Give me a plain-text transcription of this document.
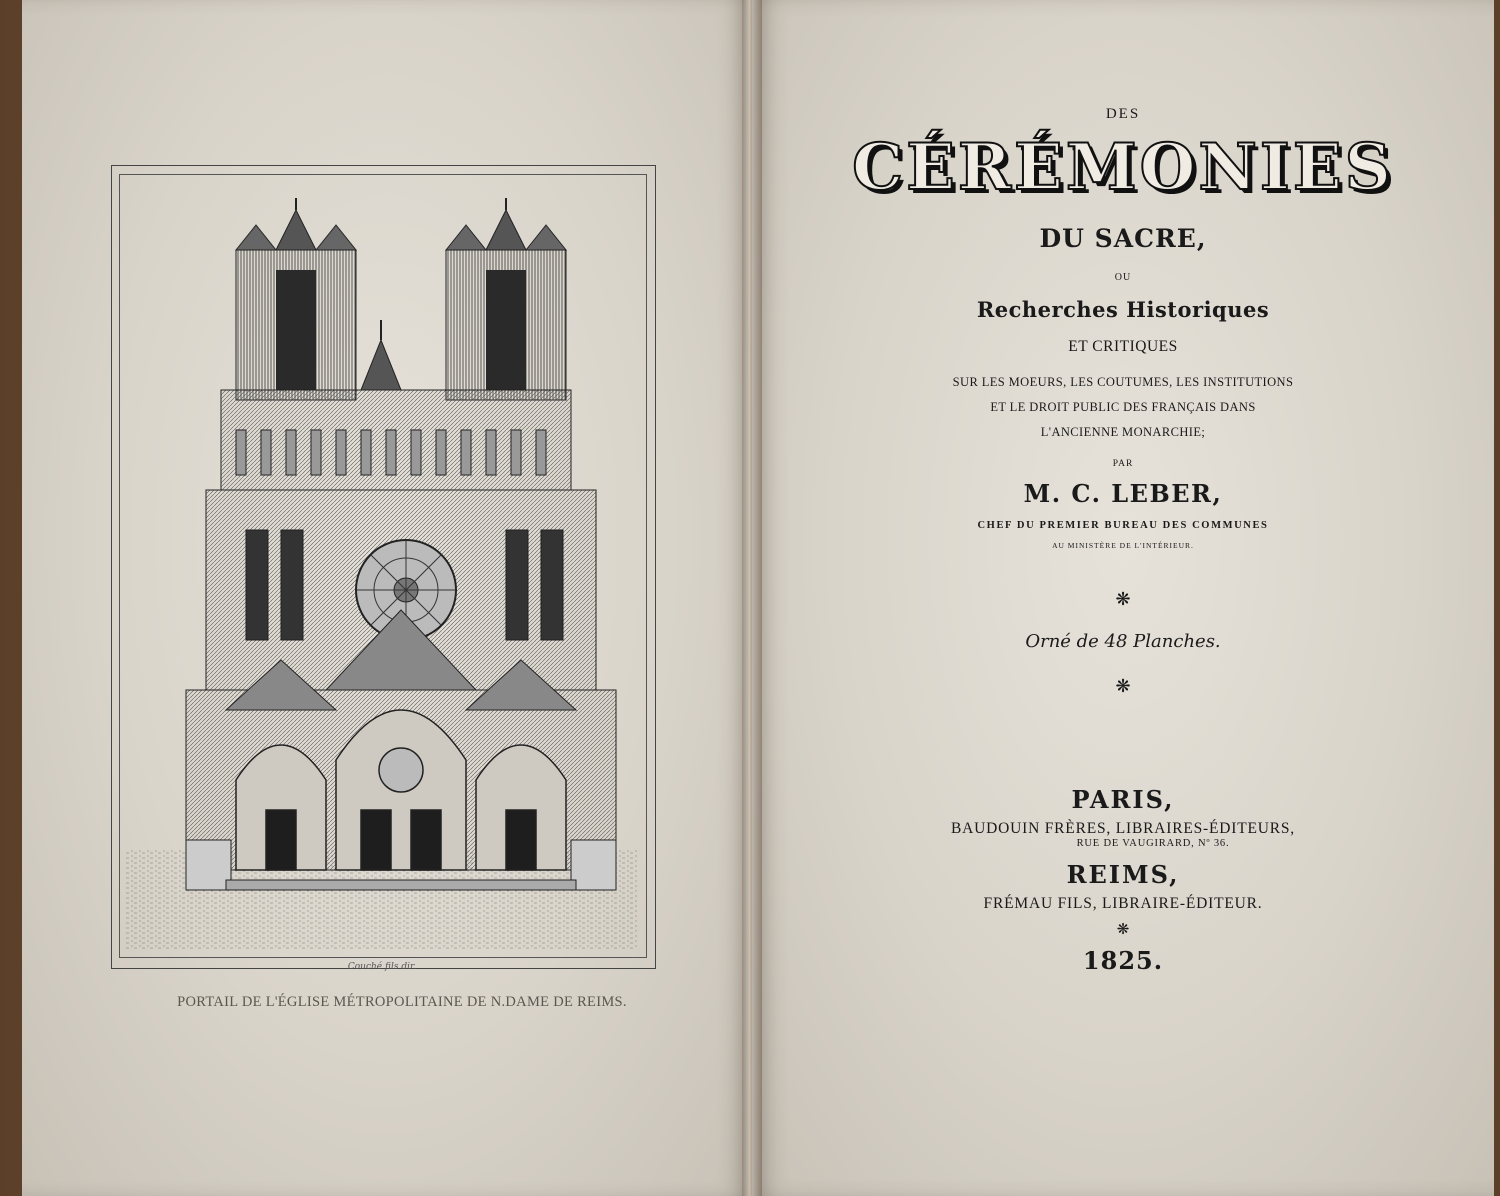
Couché fils dir.
PORTAIL DE L'ÉGLISE MÉTROPOLITAINE DE N.DAME DE REIMS.
DES
CÉRÉMONIES
DU SACRE,
OU
Recherches Historiques
ET CRITIQUES
SUR LES MOEURS, LES COUTUMES, LES INSTITUTIONS
ET LE DROIT PUBLIC DES FRANÇAIS DANS
L'ANCIENNE MONARCHIE;
PAR
M. C. LEBER,
CHEF DU PREMIER BUREAU DES COMMUNES
AU MINISTÈRE DE L'INTÉRIEUR.
❋
Orné de 48 Planches.
❋
PARIS,
BAUDOUIN FRÈRES, LIBRAIRES-ÉDITEURS,
RUE DE VAUGIRARD, Nº 36.
REIMS,
FRÉMAU FILS, LIBRAIRE-ÉDITEUR.
❋
1825.
